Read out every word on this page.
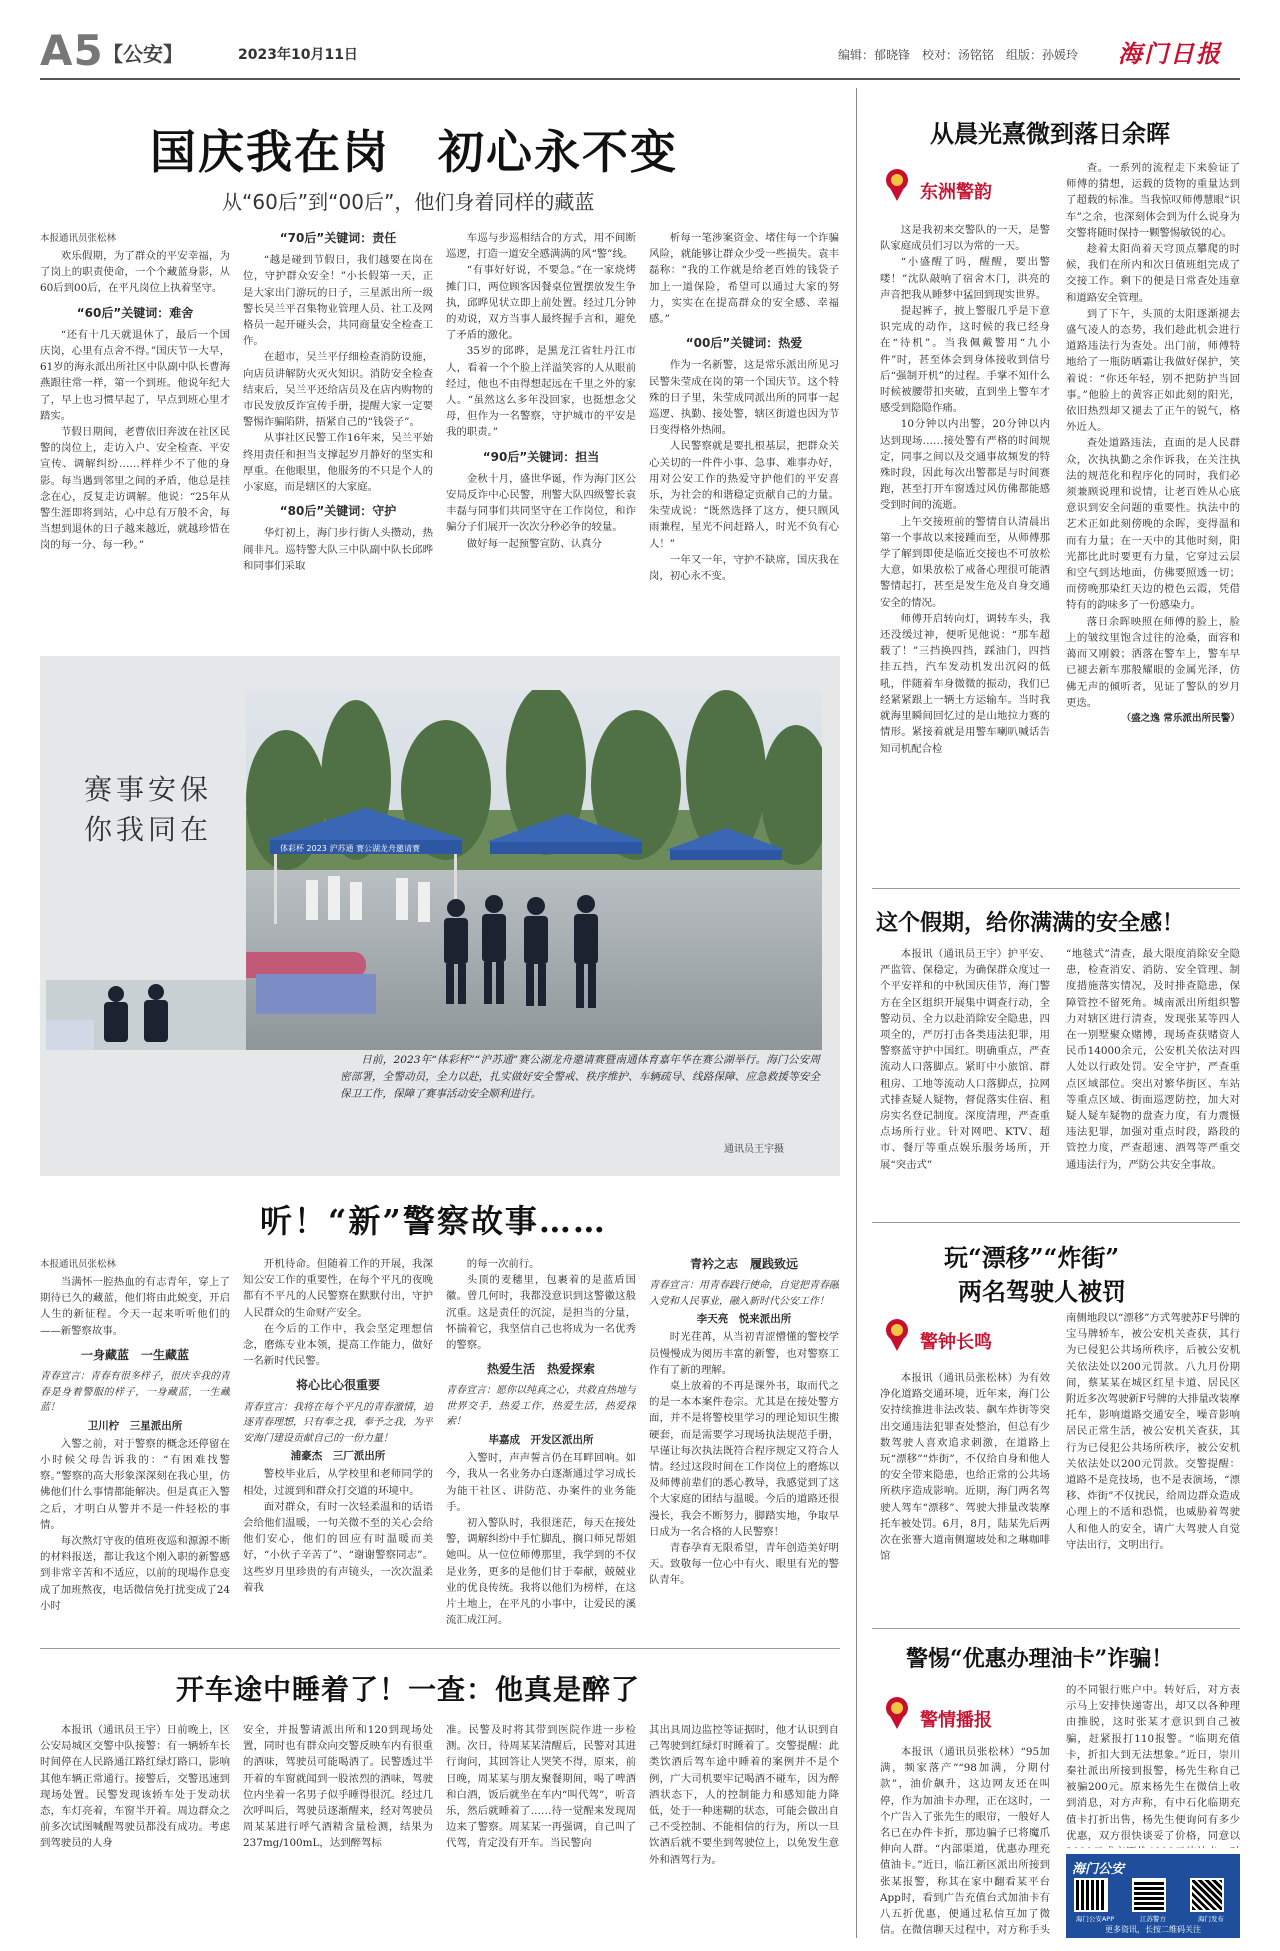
A5 【公安】	2023年10月11日	编辑：郁晓锋　校对：汤铭铭　组版：孙媛玲 海门日报
国庆我在岗　初心永不变
从“60后”到“00后”，他们身着同样的藏蓝
本报通讯员张松林

欢乐假期，为了群众的平安幸福，为了岗上的职责使命，一个个藏蓝身影，从60后到00后，在平凡岗位上执着坚守。

“60后”关键词：难舍

“还有十几天就退休了，最后一个国庆岗，心里有点舍不得。”国庆节一大早，61岁的海永派出所社区中队副中队长曹海燕跟往常一样，第一个到班。他说年纪大了，早上也习惯早起了，早点到班心里才踏实。

节假日期间，老曹依旧奔波在社区民警的岗位上，走访入户、安全检查、平安宣传、调解纠纷……样样少不了他的身影。每当遇到邻里之间的矛盾，他总是挂念在心，反复走访调解。他说：“25年从警生涯即将到站，心中总有万般不舍，每当想到退休的日子越来越近，就越珍惜在岗的每一分、每一秒。”

“70后”关键词：责任

“越是碰到节假日，我们越要在岗在位，守护群众安全！”小长假第一天，正是大家出门游玩的日子，三星派出所一级警长吴兰平召集物业管理人员、社工及网格员一起开碰头会，共同商量安全检查工作。

在超市，吴兰平仔细检查消防设施，向店员讲解防火灭火知识。消防安全检查结束后，吴兰平还给店员及在店内购物的市民发放反诈宣传手册，提醒大家一定要警惕诈骗陷阱，捂紧自己的“钱袋子”。

从事社区民警工作16年来，吴兰平始终用责任和担当支撑起岁月静好的坚实和厚重。在他眼里，他服务的不只是个人的小家庭，而是辖区的大家庭。

“80后”关键词：守护

华灯初上，海门步行街人头攒动，热闹非凡。巡特警大队三中队副中队长邱晔和同事们采取

车巡与步巡相结合的方式，用不间断巡逻，打造一道安全感满满的风“警”线。

“有事好好说，不要急。”在一家烧烤摊门口，两位顾客因餐桌位置摆放发生争执，邱晔见状立即上前处置。经过几分钟的劝说，双方当事人最终握手言和，避免了矛盾的激化。

35岁的邱晔，是黑龙江省牡丹江市人，看着一个个脸上洋溢笑容的人从眼前经过，他也不由得想起远在千里之外的家人。“虽然这么多年没回家，也挺想念父母，但作为一名警察，守护城市的平安是我的职责。”

“90后”关键词：担当

金秋十月，盛世华诞，作为海门区公安局反诈中心民警，刑警大队四级警长袁丰磊与同事们共同坚守在工作岗位，和诈骗分子们展开一次次分秒必争的较量。

做好每一起预警宣防、认真分

析每一笔涉案资金、堵住每一个诈骗风险，就能够让群众少受一些损失。袁丰磊称：“我的工作就是给老百姓的钱袋子加上一道保险，希望可以通过大家的努力，实实在在提高群众的安全感、幸福感。”

“00后”关键词：热爱

作为一名新警，这是常乐派出所见习民警朱莹成在岗的第一个国庆节。这个特殊的日子里，朱莹成同派出所的同事一起巡逻、执勤、接处警，辖区街道也因为节日变得格外热闹。

人民警察就是要扎根基层，把群众关心关切的一件件小事、急事、难事办好，用对公安工作的热爱守护他们的平安喜乐，为社会的和谐稳定贡献自己的力量。朱莹成说：“既然选择了这方，便只顾风雨兼程，星光不问赶路人，时光不负有心人！”

一年又一年，守护不缺席，国庆我在岗，初心永不变。

赛事安保
你我同在
体彩杯 2023 沪苏通 赛公湖龙舟邀请赛
日前，2023年“体彩杯”“沪苏通”赛公湖龙舟邀请赛暨南通体育嘉年华在赛公湖举行。海门公安周密部署，全警动员，全力以赴，扎实做好安全警戒、秩序维护、车辆疏导、线路保障、应急救援等安全保卫工作，保障了赛事活动安全顺利进行。
通讯员王宇摄
听！“新”警察故事……
本报通讯员张松林

当满怀一腔热血的有志青年，穿上了期待已久的藏蓝，他们将由此蜕变，开启人生的新征程。今天一起来听听他们的——新警察故事。

一身藏蓝　一生藏蓝

青春宣言：青春有很多样子，很庆幸我的青春是身着警服的样子，一身藏蓝，一生藏蓝！

卫川柠　三星派出所

入警之前，对于警察的概念还停留在小时候父母告诉我的：“有困难找警察。”警察的高大形象深深刻在我心里，仿佛他们什么事情都能解决。但是真正入警之后，才明白从警并不是一件轻松的事情。

每次熬灯守夜的值班夜巡和源源不断的材料报送，都让我这个刚入职的新警感到非常辛苦和不适应，以前的现場作息变成了加班熬夜，电话微信免打扰变成了24小时

开机待命。但随着工作的开展，我深知公安工作的重要性，在每个平凡的夜晚都有不平凡的人民警察在默默付出，守护人民群众的生命财产安全。

在今后的工作中，我会坚定理想信念，磨炼专业本领，提高工作能力，做好一名新时代民警。

将心比心很重要

青春宣言：我将在每个平凡的青春激情，追逐青春理想，只有奉之我，奉予之我，为平安海门建设贡献自己的一份力量！

浦豪杰　三厂派出所

警校毕业后，从学校里和老师同学的相处，过渡到和群众打交道的环境中。

面对群众，有时一次轻柔温和的话语会给他们温暖，一句关微不至的关心会给他们安心，他们的回应有时温暖而美好，“小伙子辛苦了”、“谢谢警察同志”。这些岁月里珍贵的有声镜头，一次次温柔着我

的每一次前行。

头顶的麦穗里，包裹着的是蓝盾国徽。曾几何时，我都没意识到这警徽这般沉重。这是责任的沉淀，是担当的分量，怀揣着它，我坚信自己也将成为一名优秀的警察。

热爱生活　热爱探索

青春宣言：愿你以纯真之心，共救直热地与世界交手，热爱工作，热爱生活，热爱探索！

毕嘉成　开发区派出所

入警时，声声誓言仍在耳畔回响。如今，我从一名业务办白逐渐通过学习成长为能干社区、讲防范、办案件的业务能手。

初入警队时，我很迷茫，每天在接处警，调解纠纷中手忙脚乱，搁口师兄帮姐她叫。从一位位师傅那里，我学到的不仅是业务，更多的是他们甘于奉献，兢兢业业的优良传统。我将以他们为榜样，在这片土地上，在平凡的小事中，让爱民的溪流汇成江河。

青衿之志　履践致远

青春宣言：用青春践行使命，自觉把青春融入党和人民事业，融入新时代公安工作！

李天亮　悦来派出所

时光荏苒，从当初青涩懵懂的警校学员慢慢成为阅历丰富的新警，也对警察工作有了新的理解。

桌上放着的不再是课外书，取而代之的是一本本案件卷宗。尤其是在接处警方面，并不是将警校里学习的理论知识生搬硬套，而是需要学习现场执法规范手册，早谨让每次执法既符合程序规定又符合人情。经过这段时间在工作岗位上的磨炼以及师傅前辈们的悉心教导，我感觉到了这个大家庭的团结与温暖。今后的道路还很漫长，我会不断努力，脚踏实地，争取早日成为一名合格的人民警察！

青春孕育无限希望，青年创造美好明天。致敬每一位心中有火、眼里有光的警队青年。

开车途中睡着了！一查：他真是醉了
本报讯（通讯员王宇）日前晚上，区公安局城区交警中队接警：有一辆轿车长时间停在人民路通江路红绿灯路口，影响其他车辆正常通行。接警后，交警迅速到现场处置。民警发现该轿车处于发动状态，车灯亮着，车窗半开着。周边群众之前多次试图喊醒驾驶员都没有成功。考虑到驾驶员的人身
安全，并报警请派出所和120到现场处置，同时也有群众向交警反映车内有很重的酒味，驾驶员可能喝酒了。民警透过半开着的车窗就闻到一股浓烈的酒味，驾驶位内坐着一名男子似乎睡得很沉。经过几次呼叫后，驾驶员逐渐醒来，经对驾驶员周某某进行呼气酒精含量检测，结果为237mg/100mL，达到醉驾标
准。民警及时将其带到医院作进一步检测。次日，待周某某清醒后，民警对其进行询问，其回答让人哭笑不得，原来，前日晚，周某某与朋友聚餐期间，喝了啤酒和白酒，饭后就坐在车内“叫代驾”，听音乐，然后就睡着了……待一觉醒来发现周边来了警察。周某某一再强调，自己叫了代驾，肯定没有开车。当民警向
其出具周边监控等证据时，他才认识到自己驾驶到红绿灯时睡着了。交警提醒：此类饮酒后驾车途中睡着的案例并不是个例，广大司机要牢记喝酒不碰车，因为醉酒状态下，人的控制能力和感知能力降低，处于一种迷糊的状态，可能会做出自己不受控制、不能相信的行为，所以一旦饮酒后就不要坐到驾驶位上，以免发生意外和酒驾行为。
从晨光熹微到落日余晖
东洲警韵

这是我初来交警队的一天，是警队家庭成员们习以为常的一天。

“小盛醒了吗，醒醒，要出警喽！”沈队敲响了宿舍木门，洪亮的声音把我从睡梦中猛回到现实世界。

提起裤子，披上警服几乎是下意识完成的动作，这时候的我已经身在“待机”。当我佩戴警用“九小件”时，甚至体会到身体接收到信号后“强制开机”的过程。手掌不知什么时候被腰带扣夹破，直到坐上警车才感受到隐隐作痛。

10分钟以内出警，20分钟以内达到现场……接处警有严格的时间规定，同事之间以及交通事故频发的特殊时段，因此每次出警都是与时间赛跑，甚至打开车窗透过风仿佛都能感受到时间的流逝。

上午交接班前的警情自认清晨出第一个事故以来接踵而至，从师傅那学了解到即使是临近交接也不可放松大意，如果放松了戒备心理很可能酒警情起打，甚至是发生危及自身交通安全的情况。

师傅开启转向灯，调转车头，我还没缓过神，便听见他说：“那车超载了！”三挡换四挡，踩油门，四挡挂五挡，汽车发动机发出沉闷的低吼，伴随着车身微微的振动，我们已经紧紧跟上一辆土方运输车。当时我就海里瞬间回忆过的是山地拉力赛的情形。紧接着就是用警车喇叭喊话告知司机配合检

查。一系列的流程走下来验证了师傅的猜想，运载的货物的重量达到了超载的标准。当我惊叹师傅慧眼“识车”之余，也深刻体会到为什么说身为交警将随时保持一颗警惕敏锐的心。

趁着太阳尚着天穹顶点攀爬的时候，我们在所内和次日值班组完成了交接工作。剩下的便是日常查处违章和道路安全管理。

到了下午，头顶的太阳逐渐褪去盛气凌人的态势，我们趁此机会进行道路违法行为查处。出门前，师傅特地给了一瓶防晒霜让我做好保护，笑着说：“你还年轻，别不把防护当回事。”他脸上的黄容正如此刻的阳光，依旧热烈却又褪去了正午的锐气，格外近人。

查处道路违法，直面的是人民群众，次执执勤之余作诉我，在关注执法的规范化和程序化的同时，我们必须兼顾说理和说情，让老百姓从心底意识到安全问题的重要性。执法中的艺术正如此刻傍晚的余晖，变得温和而有力量；在一天中的其他时刻，阳光都比此时要更有力量，它穿过云层和空气到达地面，仿佛要照透一切；而傍晚那染红天边的橙色云霞，凭借特有的韵味多了一份感染力。

落日余晖映照在师傅的脸上，脸上的皱纹里饱含过往的沧桑，面容和蔼而又刚毅；洒落在警车上，警车早已褪去新车那般耀眼的金属光泽，仿佛无声的倾听者，见证了警队的岁月更迭。

（盛之逸 常乐派出所民警）

这个假期，给你满满的安全感！
本报讯（通讯员王宇）护平安、严监管、保稳定，为确保群众度过一个平安祥和的中秋国庆佳节，海门警方在全区组织开展集中调查行动，全警动员、全力以赴消除安全隐患，四项全的，严厉打击各类违法犯罪，用警察蓝守护中国红。明确重点，严查流动人口落脚点。紧盯中小旅馆、群租房、工地等流动人口落脚点，拉网式排查疑人疑物，督促落实住宿、租房实名登记制度。深度清理，严查重点场所行业。针对网吧、KTV、超市、餐厅等重点娱乐服务场所，开展“突击式”
“地毯式”清查，最大限度消除安全隐患，检查消安、消防、安全管理、制度措施落实情况，及时排查隐患，保障管控不留死角。城南派出所组织警力对辖区进行清查，发现张某等四人在一别墅聚众赌博，现场查获赌资人民币14000余元，公安机关依法对四人处以行政处罚。安全守护，严查重点区域部位。突出对繁华街区、车站等重点区域、街面巡逻防控，加大对疑人疑车疑物的盘查力度，有力震慑违法犯罪，加强对重点时段，路段的管控力度，严查超速、酒驾等严重交通违法行为，严防公共安全事故。
玩“漂移”“炸街”
两名驾驶人被罚
警钟长鸣
本报讯（通讯员张松林）为有效净化道路交通环境，近年来，海门公安持续推进非法改装、飙车炸街等突出交通违法犯罪查处整治，但总有少数驾驶人喜欢追求刺激，在道路上玩“漂移”“炸街”，不仅给自身和他人的安全带来隐患，也给正常的公共场所秩序造成影响。近期，海门两名驾驶人驾车“漂移”、驾驶大排量改装摩托车被处罚。6月，8月，陆某先后两次在张謇大道南侧遛坡处和之琳咖啡馆
南侧地段以“漂移”方式驾驶苏F号牌的宝马牌轿车，被公安机关查获，其行为已侵犯公共场所秩序，后被公安机关依法处以200元罚款。八九月份期间，蔡某某在城区红星卡道、居民区附近多次驾驶新F号牌的大排量改装摩托车，影响道路交通安全，噪音影响居民正常生活，被公安机关查获，其行为已侵犯公共场所秩序，被公安机关依法处以200元罚款。交警提醒：道路不是竞技场，也不是表演场，“漂移、炸街”不仅扰民，给周边群众造成心理上的不适和恐慌，也威胁着驾驶人和他人的安全，请广大驾驶人自觉守法出行，文明出行。
警惕“优惠办理油卡”诈骗！
警情播报
本报讯（通讯员张松林）“95加满，频家落产”“98加满，分期付款”，油价飙升，这边网友还在叫停，作为加油卡办理，正在这时，一个广告入了张先生的眼帘，一般好人名已在办件卡折，那边骗子已将魔爪伸向人群。“内部渠道，优惠办理充值油卡。”近日，临江新区派出所接到张某报警，称其在家中翻看某平台App时，看到广告充值台式加油卡有八五折优惠，便通过私信互加了微信。在微信聊天过程中，对方称手头
的不同银行账户中。转好后，对方表示马上安排快递寄出，却又以各种理由推脱，这时张某才意识到自己被骗，赶紧报打110报警。“临期充值卡，折扣大到无法想象。”近日，崇川秦社派出所接到报警，杨先生称自己被骗200元。原来杨先生在微信上收到消息，对方声称，有中石化临期充值卡打折出售，杨先生便询问有多少优惠，双方很快谈妥了价格，同意以
海门公安
海门公安APP	江苏警方	海门发布
更多资讯，长按二维码关注
